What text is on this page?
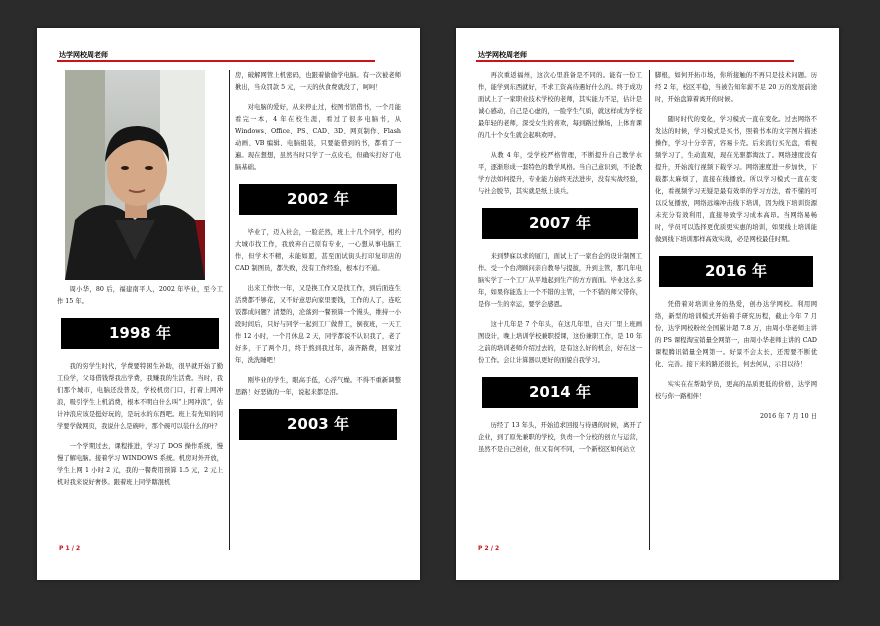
达学网校周老师

周小华，80 后，福建南平人，2002 年毕业，至今工作 15 年。

1998 年

我的穷学生时代，学费要特困生补助，很早就开始了勤工俭学，父母借钱帮我出学费，我赚我的生活费。当时，我们那个城市，电脑还没普及，学校机房门口，打着上网冲浪，吸引学生上机消费，根本不明白什么叫“上网冲浪”，估计冲浪应该是挺好玩的，是玩水的东西吧。班上有先知的同学要学做网页，我说什么是碗叶，那个碗可以装什么的叶？

一个学期过去，课程推进，学习了 DOS 操作系统，慢慢了解电脑。接着学习 WINDOWS 系统。机房对外开放，学生上网 1 小时 2 元，我的一餐费用预算 1.5 元，2 元上机对我来说好奢侈。跟着班上同学瞎混机

房，破解网管上机密码，也跟着偷偷学电脑。有一次被老师揪出，当众罚款 5 元，一天的伙食费就没了，呵呵！

对电脑的爱好，从来停止过，校图书馆借书，一个月能看完一本，4 年在校生涯，看过了很多电脑书，从 Windows、Office、PS、CAD、3D、网页制作、Flash 动画、VB 编辑、电脑组装，只要能借到的书，都看了一遍。现在想想，虽然当时只学了一点皮毛，但确实打好了电脑基础。

2002 年

毕业了，迈入社会，一脸茫然，班上十几个同学，相约大城市找工作，我放弃自己原有专业，一心想从事电脑工作，但学术不精，未能如愿，甚至面试街头打印复印店的 CAD 制图员，都失败，没有工作经验，根本行不通。

出来工作快一年，又是换工作又是找工作，到后面连生活费都不够花，又不好意思向家里要钱，工作的人了，连吃饭都成问题？清楚的，沦落到一餐预算一个馒头，维持一小段时间后，只好与同学一起到工厂做普工，倒夜班，一天工作 12 小时，一个月休息 2 天，同学都说不认识我了，老了好多，干了两个月，终于熬到我过年，凑齐路费，回家过年，洗洗睡吧！

刚毕业的学生，眼高手低，心浮气燥。不得不重新调整思路！好恶做的一年，说起来都是泪。

2003 年
P 1 / 2
达学网校周老师

再次重返福州，这次心里准备是不同的。能有一份工作，能学到东西就好，不求工资高待遇好什么的。终于成功面试上了一家职业技术学校的老师，其实能力不足，估计是诚心感动，自己是心虚的，一脸学生气质，就这样成为学校最年轻的老师，深受女生的喜欢，每到路过操场，上体育课的几十个女生就会起哄欢呼。

从教 4 年，受学校严格管理，不断提升自己教学水平，逐渐形成一套特色的教学风格。当自己意识到，不论教学方法如何提升，专业能力始终无法进步，没有实战经验，与社会脱节，其实就是纸上谈兵。

2007 年

来到梦寐以求的厦门，面试上了一家台企的设计制图工作。受一个台湾顾问亲自教导与提拔，升到主管，那几年电脑实学了一个工厂从平地起到生产的方方面面。毕业这么多年，如果你能选上一个不错的主管，一个不错的师父带你，是你一生的幸运，要学会感恩。

这十几年是 7 个年头，在这几年里，白天厂里上班画图设计，晚上培训学校兼职授课，这份兼职工作，是 10 年之前的培训老师介绍过去的，是有这么好的机会，好在这一份工作。会让计算器以更好的面貌自我学习。

2014 年

历经了 13 年头，开始追求回报与待遇的时候，离开了企业，到了原先兼职的学校，负责一个分校的创立与运营，虽然不是自己创业，但又有何不同，一个新校区如何站立

脚根，如何开拓市场，你所接触的不再只是技术问题。历经 2 年，校区平稳，当被告知年薪不足 20 万的发展前途时，开始盘算着离开的时候。

随时时代的变化，学习模式一直在变化。过去网络不发达的时候，学习模式是买书，照着书本的文字图片描述操作，学习十分辛苦，容易卡壳。后来流行买光盘，看视频学习了，生动直观，现在光驱都淘汰了。网络速度没有提升，开始流行视频下载学习。网络速度进一步加快，下载都太麻烦了，直接在线播放。所以学习模式一直在变化，看视频学习无疑是最有效率的学习方法，看不懂的可以反复播放，网络远端冲击线下培训，因为线下培训资源未充分有效利用，直接导致学习成本高昂。当网络易畅时，学员可以选择更优质更实惠的培训，如果线上培训能做到线下培训那样高效实战，必是网校最佳时期。

2016 年

凭借着对培训业务的热爱，创办达学网校。利用网络，新型的培训模式开始着手研究历程，截止今年 7 月份，达学网校粉丝全国累计超 7.8 万，由周小华老师主讲的 PS 课程淘宝销量全网第一，由周小华老师主讲的 CAD 课程腾讯销量全网第一。好景不会太长，还需要不断优化、完善。接下来的路还很长，何去何从，示目以待！

实实在在帮助学员，更高的品质更低的价格，达学网校与你一路相伴！

2016 年 7 月 10 日
P 2 / 2
